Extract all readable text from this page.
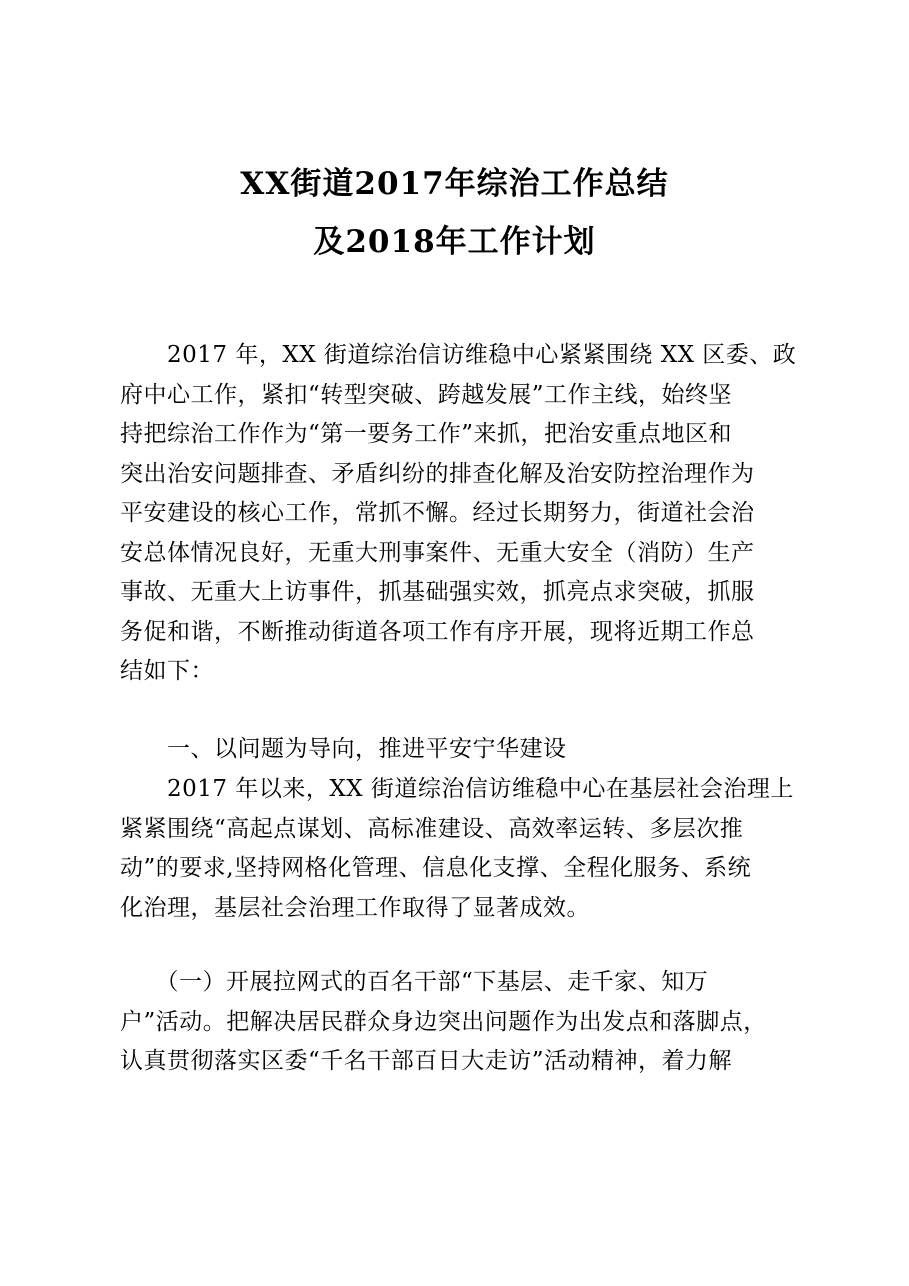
XX街道2017年综治工作总结
及2018年工作计划
　　2017 年，XX 街道综治信访维稳中心紧紧围绕 XX 区委、政
府中心工作，紧扣“转型突破、跨越发展”工作主线，始终坚
持把综治工作作为“第一要务工作”来抓，把治安重点地区和
突出治安问题排查、矛盾纠纷的排查化解及治安防控治理作为
平安建设的核心工作，常抓不懈。经过长期努力，街道社会治
安总体情况良好，无重大刑事案件、无重大安全（消防）生产
事故、无重大上访事件，抓基础强实效，抓亮点求突破，抓服
务促和谐，不断推动街道各项工作有序开展，现将近期工作总
结如下：
　　一、以问题为导向，推进平安宁华建设
　　2017 年以来，XX 街道综治信访维稳中心在基层社会治理上
紧紧围绕“高起点谋划、高标准建设、高效率运转、多层次推
动”的要求,坚持网格化管理、信息化支撑、全程化服务、系统
化治理，基层社会治理工作取得了显著成效。
　　（一）开展拉网式的百名干部“下基层、走千家、知万
户”活动。把解决居民群众身边突出问题作为出发点和落脚点，
认真贯彻落实区委“千名干部百日大走访”活动精神，着力解
